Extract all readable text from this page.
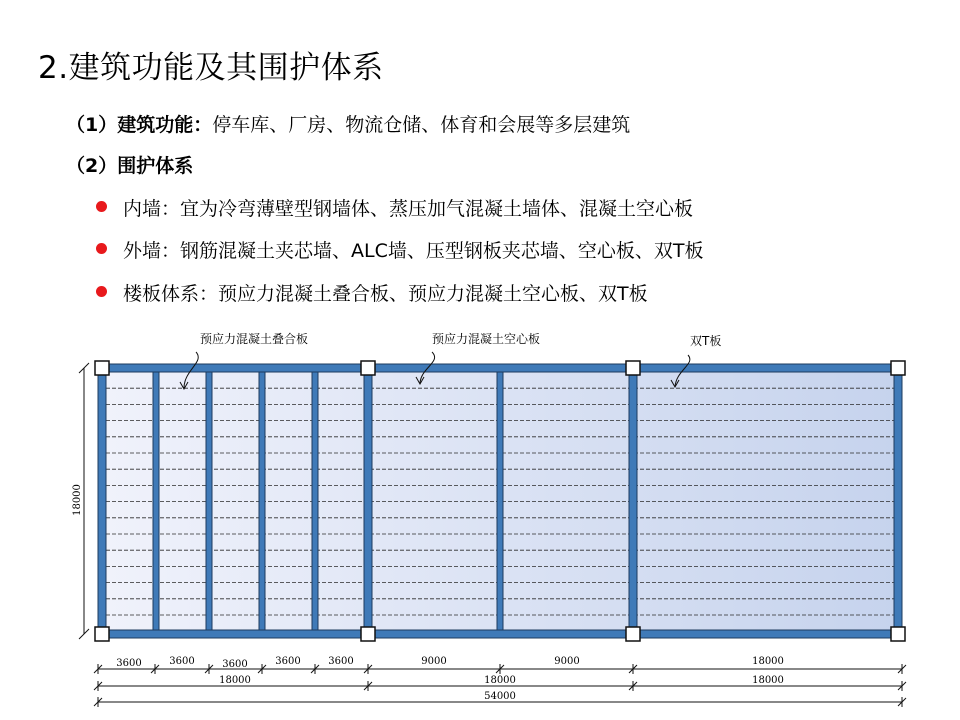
2.建筑功能及其围护体系
（1）建筑功能：停车库、厂房、物流仓储、体育和会展等多层建筑
（2）围护体系
内墙：宜为冷弯薄壁型钢墙体、蒸压加气混凝土墙体、混凝土空心板
外墙：钢筋混凝土夹芯墙、ALC墙、压型钢板夹芯墙、空心板、双T板
楼板体系：预应力混凝土叠合板、预应力混凝土空心板、双T板
预应力混凝土叠合板	预应力混凝土空心板	双T板
18000
3600	3600	3600	3600	3600	9000	9000	18000
18000	18000	18000
54000
